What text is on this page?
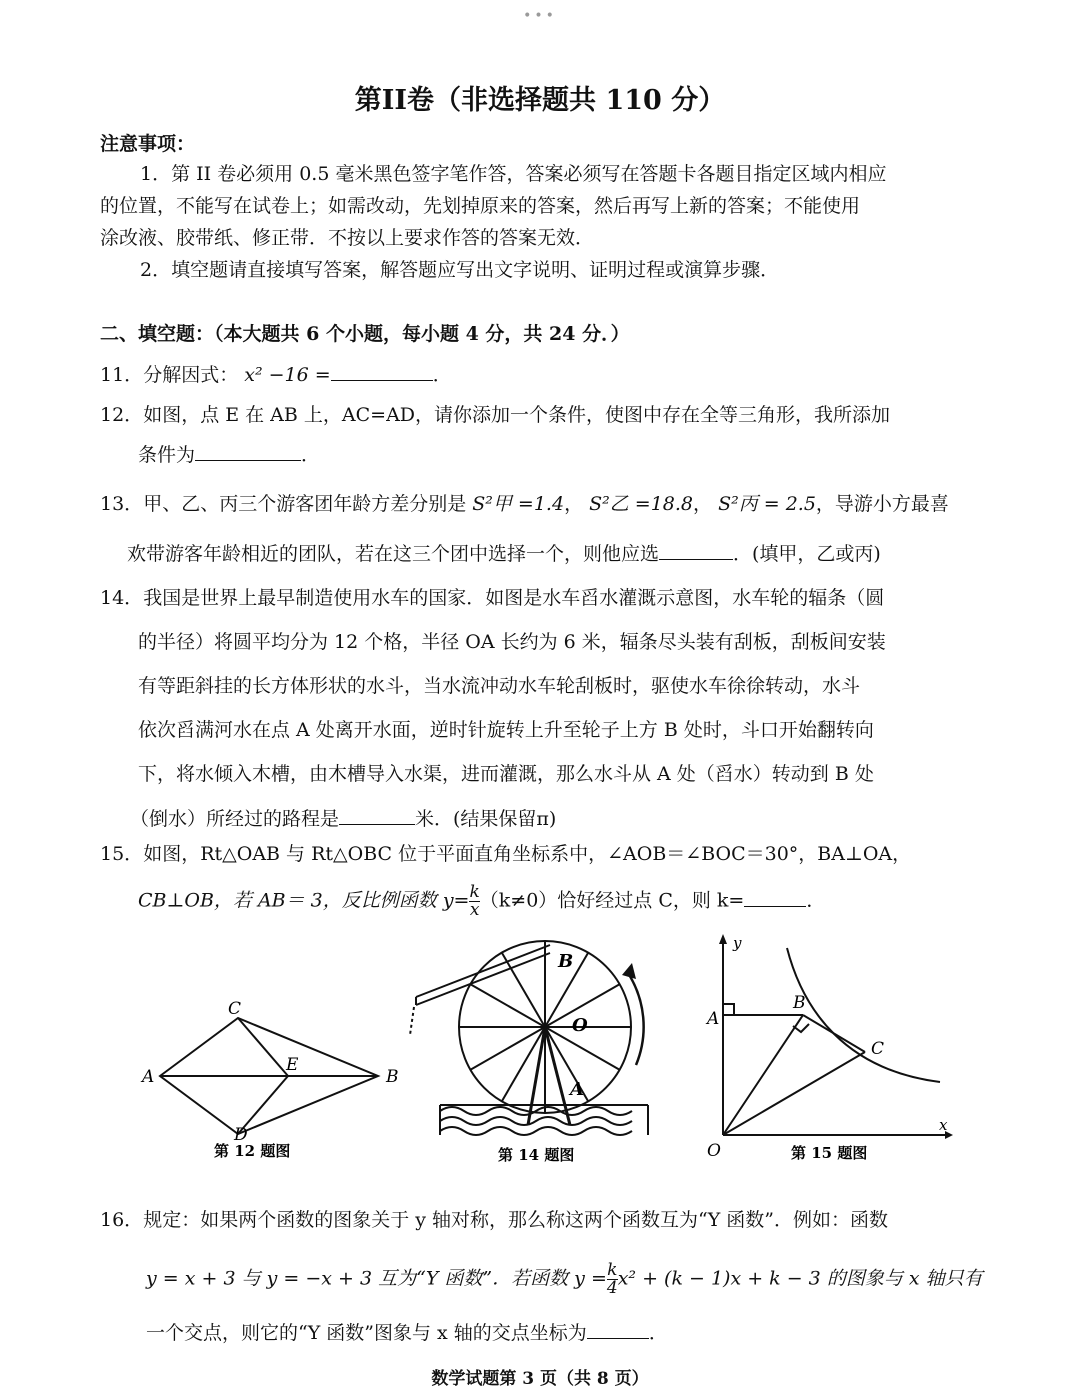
•••
第II卷（非选择题共 110 分）
注意事项：
1．第 II 卷必须用 0.5 毫米黑色签字笔作答，答案必须写在答题卡各题目指定区域内相应
的位置，不能写在试卷上；如需改动，先划掉原来的答案，然后再写上新的答案；不能使用
涂改液、胶带纸、修正带．不按以上要求作答的答案无效．
2．填空题请直接填写答案，解答题应写出文字说明、证明过程或演算步骤．
二、填空题：（本大题共 6 个小题，每小题 4 分，共 24 分．）
11．分解因式： x² −16 =	．
12．如图，点 E 在 AB 上，AC=AD，请你添加一个条件，使图中存在全等三角形，我所添加
条件为	．
13．甲、乙、丙三个游客团年龄方差分别是 S²甲 =1.4， S²乙 =18.8， S²丙 = 2.5，导游小方最喜
欢带游客年龄相近的团队，若在这三个团中选择一个，则他应选	．(填甲，乙或丙)
14．我国是世界上最早制造使用水车的国家．如图是水车舀水灌溉示意图，水车轮的辐条（圆
的半径）将圆平均分为 12 个格，半径 OA 长约为 6 米，辐条尽头装有刮板，刮板间安装
有等距斜挂的长方体形状的水斗，当水流冲动水车轮刮板时，驱使水车徐徐转动，水斗
依次舀满河水在点 A 处离开水面，逆时针旋转上升至轮子上方 B 处时，斗口开始翻转向
下，将水倾入木槽，由木槽导入水渠，进而灌溉，那么水斗从 A 处（舀水）转动到 B 处
（倒水）所经过的路程是	米．(结果保留π)
15．如图，Rt△OAB 与 Rt△OBC 位于平面直角坐标系中，∠AOB＝∠BOC＝30°，BA⊥OA，
CB⊥OB，若 AB＝ 3，反比例函数 $y= \frac{k}{x} (k\ne 0)$恰好经过点 C，则 k=	．
C
A	B
E
D
第 12 题图
B
O
A
第 14 题图
A
B
C
O
y
x
第 15 题图
16．规定：如果两个函数的图象关于 y 轴对称，那么称这两个函数互为“Y 函数”．例如：函数
y = x + 3 与 y = −x + 3 互为“Y 函数”．若函数 $y = \frac{k}{4} x^2 + (k - 1)x + k - 3$ 的图象与 x 轴只有
一个交点，则它的“Y 函数”图象与 x 轴的交点坐标为	．
数学试题第 3 页（共 8 页）
